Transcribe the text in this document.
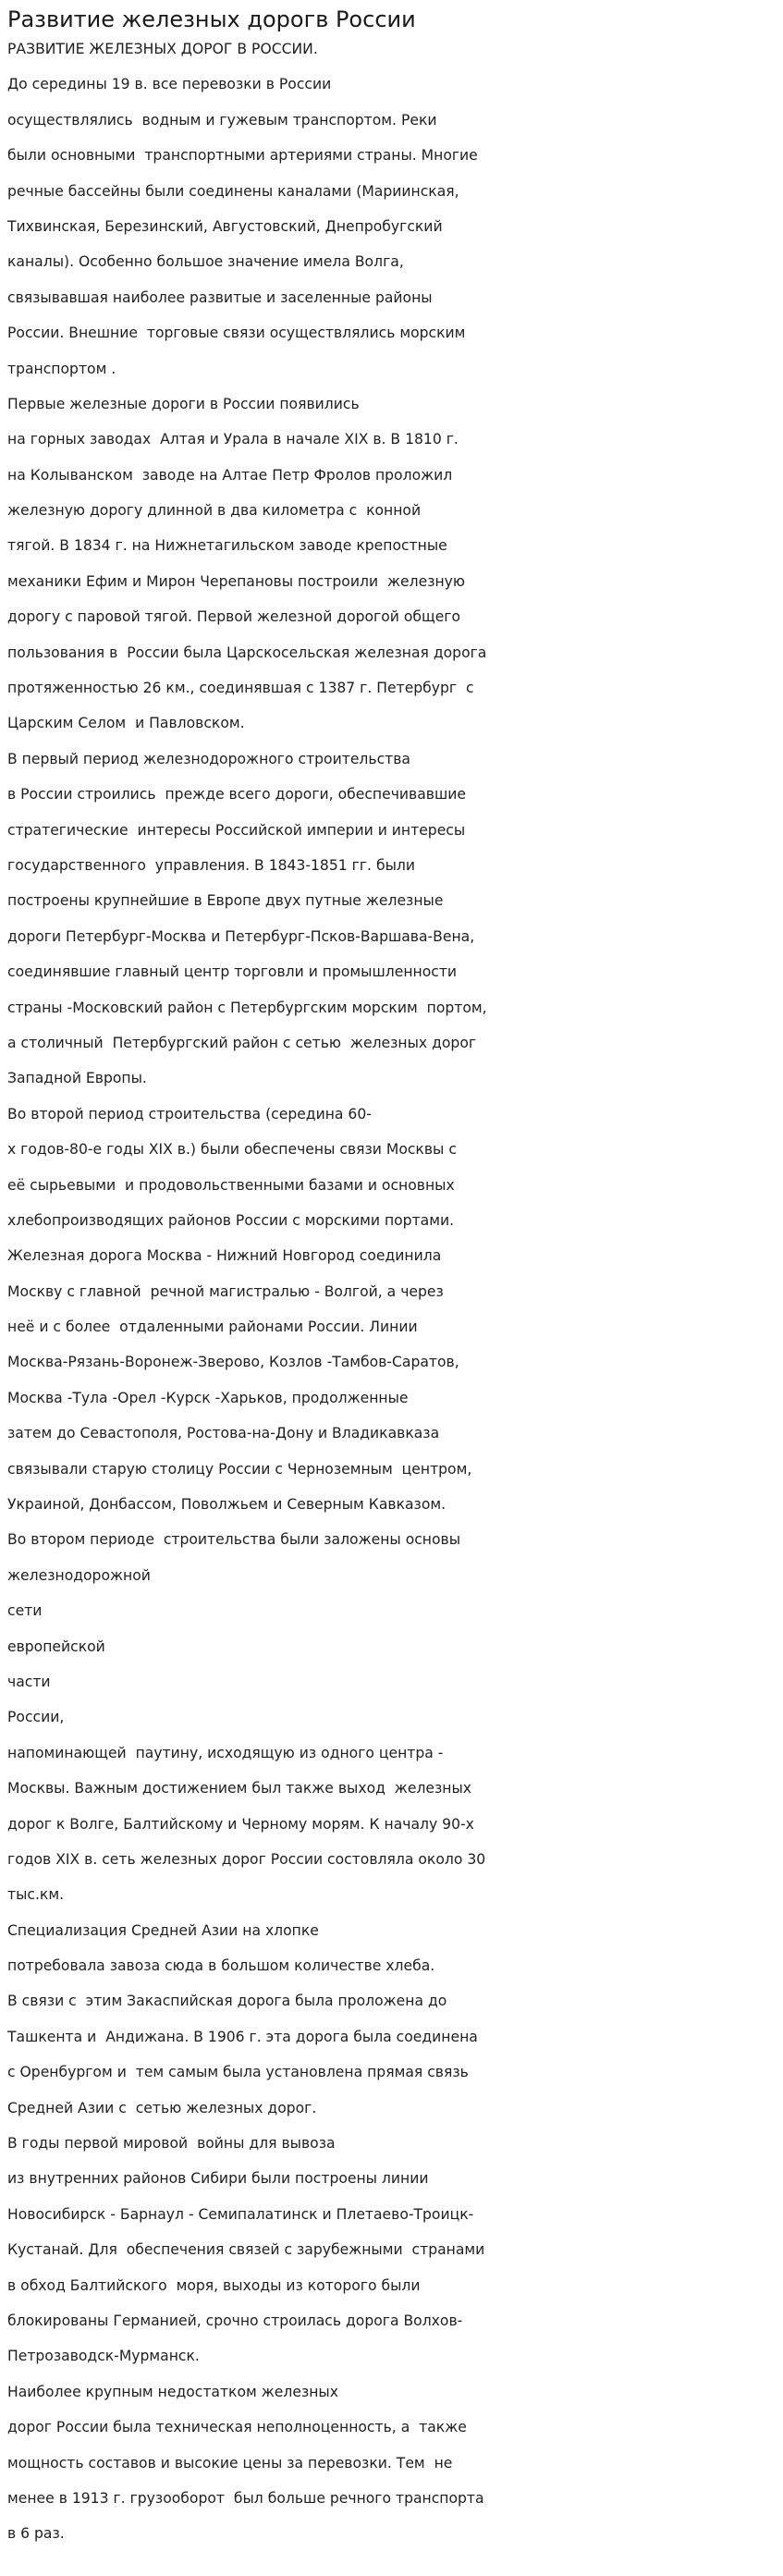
Развитие железных дорогв России
РАЗВИТИЕ ЖЕЛЕЗНЫХ ДОРОГ В РОССИИ.
До середины 19 в. все перевозки в России
осуществлялись  водным и гужевым транспортом. Реки
были основными  транспортными артериями страны. Многие
речные бассейны были соединены каналами (Мариинская,
Тихвинская, Березинский, Августовский, Днепробугский
каналы). Особенно большое значение имела Волга,
связывавшая наиболее развитые и заселенные районы
России. Внешние  торговые связи осуществлялись морским
транспортом .
Первые железные дороги в России появились
на горных заводах  Алтая и Урала в начале XIX в. В 1810 г.
на Колыванском  заводе на Алтае Петр Фролов проложил
железную дорогу длинной в два километра с  конной
тягой. В 1834 г. на Нижнетагильском заводе крепостные
механики Ефим и Мирон Черепановы построили  железную
дорогу с паровой тягой. Первой железной дорогой общего
пользования в  России была Царскосельская железная дорога
протяженностью 26 км., соединявшая с 1387 г. Петербург  с
Царским Селом  и Павловском.
В первый период железнодорожного строительства
в России строились  прежде всего дороги, обеспечивавшие
стратегические  интересы Российской империи и интересы
государственного  управления. В 1843-1851 гг. были
построены крупнейшие в Европе двух путные железные
дороги Петербург-Москва и Петербург-Псков-Варшава-Вена,
соединявшие главный центр торговли и промышленности
страны -Московский район с Петербургским морским  портом,
а столичный  Петербургский район с сетью  железных дорог
Западной Европы.
Во второй период строительства (середина 60-
х годов-80-е годы XIX в.) были обеспечены связи Москвы с
её сырьевыми  и продовольственными базами и основных
хлебопроизводящих районов России с морскими портами.
Железная дорога Москва - Нижний Новгород соединила
Москву с главной  речной магистралью - Волгой, а через
неё и с более  отдаленными районами России. Линии
Москва-Рязань-Воронеж-Зверово, Козлов -Тамбов-Саратов,
Москва -Тула -Орел -Курск -Харьков, продолженные
затем до Севастополя, Ростова-на-Дону и Владикавказа
связывали старую столицу России с Черноземным  центром,
Украиной, Донбассом, Поволжьем и Северным Кавказом.
Во втором периоде  строительства были заложены основы
железнодорожной
сети
европейской
части
России,
напоминающей  паутину, исходящую из одного центра -
Москвы. Важным достижением был также выход  железных
дорог к Волге, Балтийскому и Черному морям. К началу 90-х
годов XIX в. сеть железных дорог России состовляла около 30
тыс.км.
Специализация Средней Азии на хлопке
потребовала завоза сюда в большом количестве хлеба.
В связи с  этим Закаспийская дорога была проложена до
Ташкента и  Андижана. В 1906 г. эта дорога была соединена
с Оренбургом и  тем самым была установлена прямая связь
Средней Азии с  сетью железных дорог.
В годы первой мировой  войны для вывоза
из внутренних районов Сибири были построены линии
Новосибирск - Барнаул - Семипалатинск и Плетаево-Троицк-
Кустанай. Для  обеспечения связей с зарубежными  странами
в обход Балтийского  моря, выходы из которого были
блокированы Германией, срочно строилась дорога Волхов-
Петрозаводск-Мурманск.
Наиболее крупным недостатком железных
дорог России была техническая неполноценность, а  также
мощность составов и высокие цены за перевозки. Тем  не
менее в 1913 г. грузооборот  был больше речного транспорта
в 6 раз.
